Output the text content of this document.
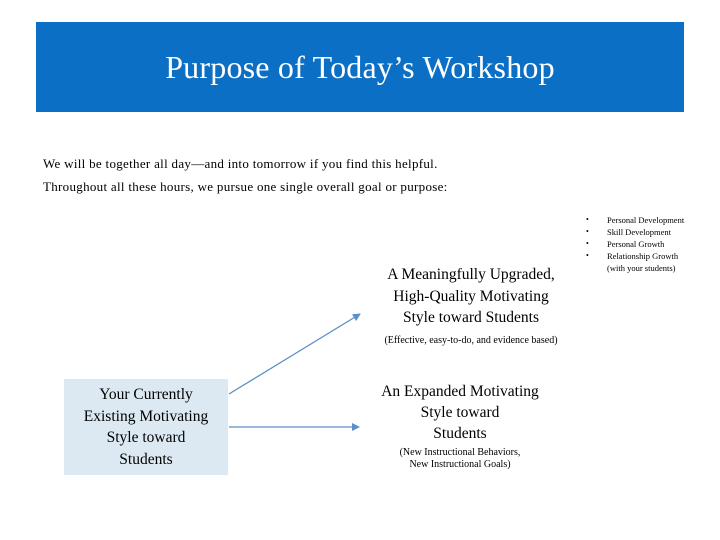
Purpose of Today’s Workshop
We will be together all day—and into tomorrow if you find this helpful.
Throughout all these hours, we pursue one single overall goal or purpose:
•	Personal Development
•	Skill Development
•	Personal Growth
•	Relationship Growth
(with your students)
A Meaningfully Upgraded,
High-Quality Motivating
Style toward Students
(Effective, easy-to-do, and evidence based)
Your Currently
Existing Motivating
Style toward
Students
An Expanded Motivating
Style toward
Students
(New Instructional Behaviors,
New Instructional Goals)
